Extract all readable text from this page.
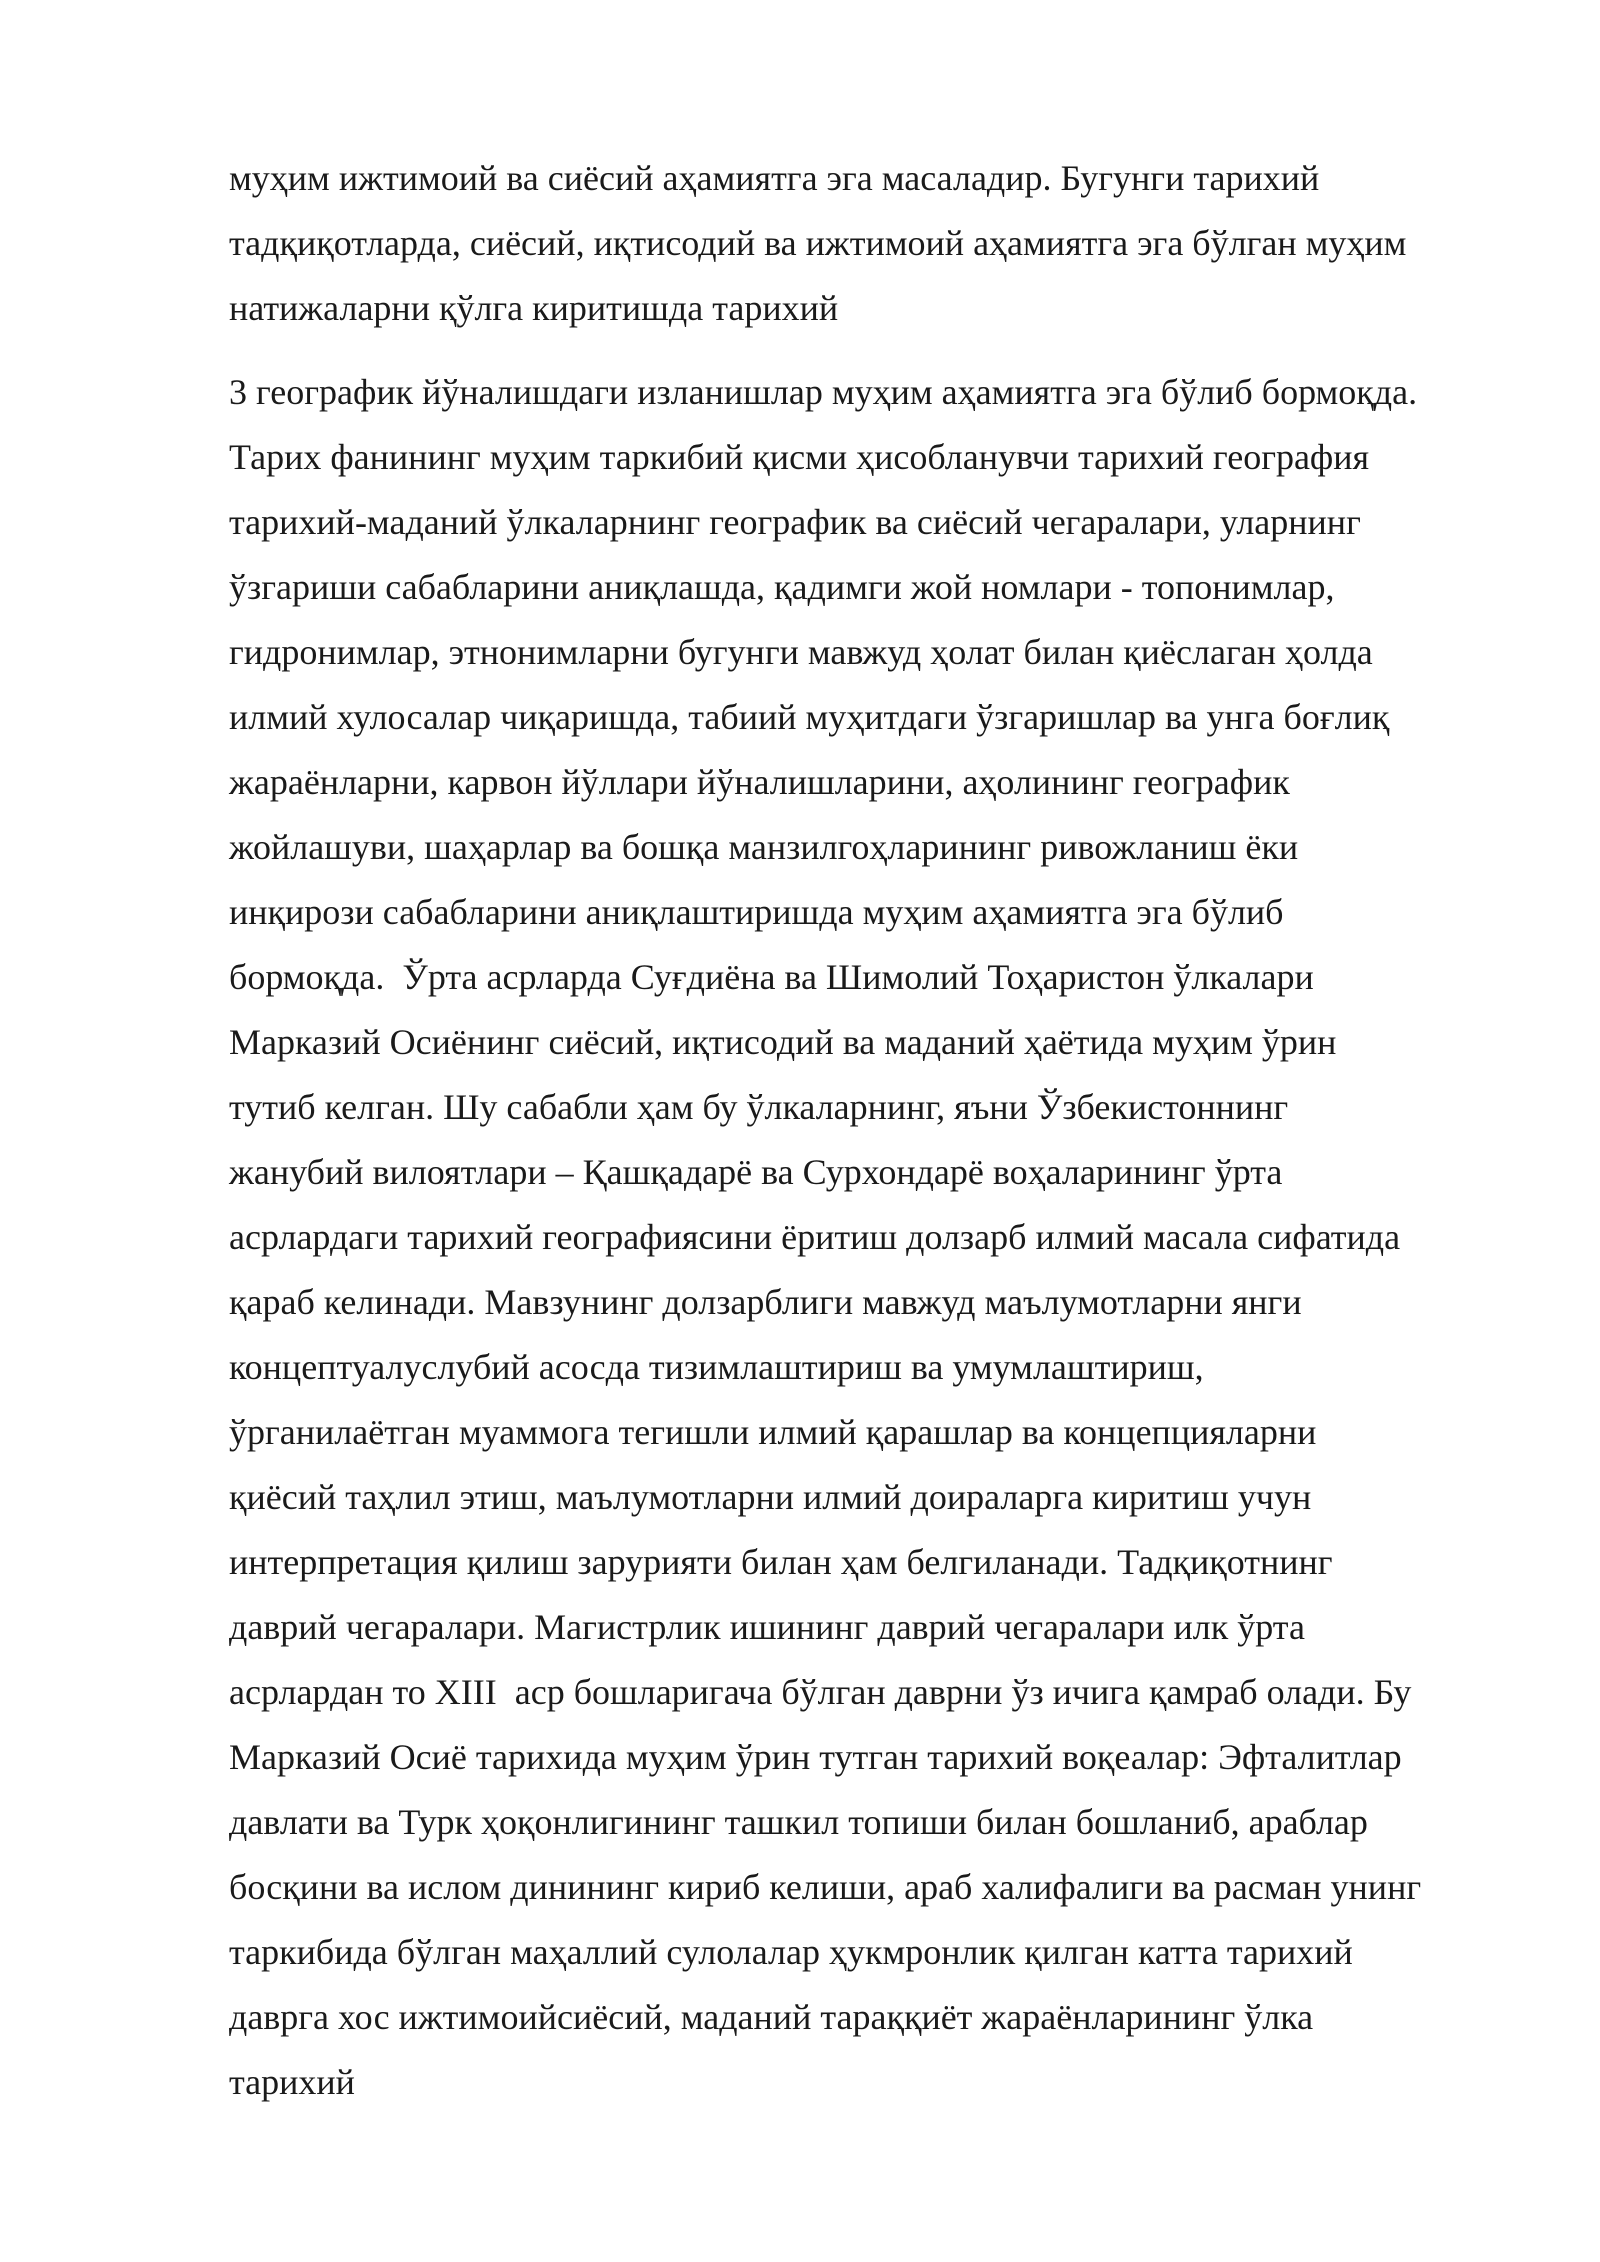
муҳим ижтимоий ва сиёсий аҳамиятга эга масаладир. Бугунги тарихий
тадқиқотларда, сиёсий, иқтисодий ва ижтимоий аҳамиятга эга бўлган муҳим
натижаларни қўлга киритишда тарихий
3 географик йўналишдаги изланишлар муҳим аҳамиятга эга бўлиб бормоқда.
Тарих фанининг муҳим таркибий қисми ҳисобланувчи тарихий география
тарихий-маданий ўлкаларнинг географик ва сиёсий чегаралари, уларнинг
ўзгариши сабабларини аниқлашда, қадимги жой номлари - топонимлар,
гидронимлар, этнонимларни бугунги мавжуд ҳолат билан қиёслаган ҳолда
илмий хулосалар чиқаришда, табиий муҳитдаги ўзгаришлар ва унга боғлиқ
жараёнларни, карвон йўллари йўналишларини, аҳолининг географик
жойлашуви, шаҳарлар ва бошқа манзилгоҳларининг ривожланиш ёки
инқирози сабабларини аниқлаштиришда муҳим аҳамиятга эга бўлиб
бормоқда.  Ўрта асрларда Суғдиёна ва Шимолий Тоҳаристон ўлкалари
Марказий Осиёнинг сиёсий, иқтисодий ва маданий ҳаётида муҳим ўрин
тутиб келган. Шу сабабли ҳам бу ўлкаларнинг, яъни Ўзбекистоннинг
жанубий вилоятлари – Қашқадарё ва Сурхондарё воҳаларининг ўрта
асрлардаги тарихий географиясини ёритиш долзарб илмий масала сифатида
қараб келинади. Мавзунинг долзарблиги мавжуд маълумотларни янги
концептуалуслубий асосда тизимлаштириш ва умумлаштириш,
ўрганилаётган муаммога тегишли илмий қарашлар ва концепцияларни
қиёсий таҳлил этиш, маълумотларни илмий доираларга киритиш учун
интерпретация қилиш зарурияти билан ҳам белгиланади. Тадқиқотнинг
даврий чегаралари. Магистрлик ишининг даврий чегаралари илк ўрта
асрлардан то XIII  аср бошларигача бўлган даврни ўз ичига қамраб олади. Бу
Марказий Осиё тарихида муҳим ўрин тутган тарихий воқеалар: Эфталитлар
давлати ва Турк ҳоқонлигининг ташкил топиши билан бошланиб, араблар
босқини ва ислом динининг кириб келиши, араб халифалиги ва расман унинг
таркибида бўлган маҳаллий сулолалар ҳукмронлик қилган катта тарихий
даврга хос ижтимоийсиёсий, маданий тараққиёт жараёнларининг ўлка
тарихий
